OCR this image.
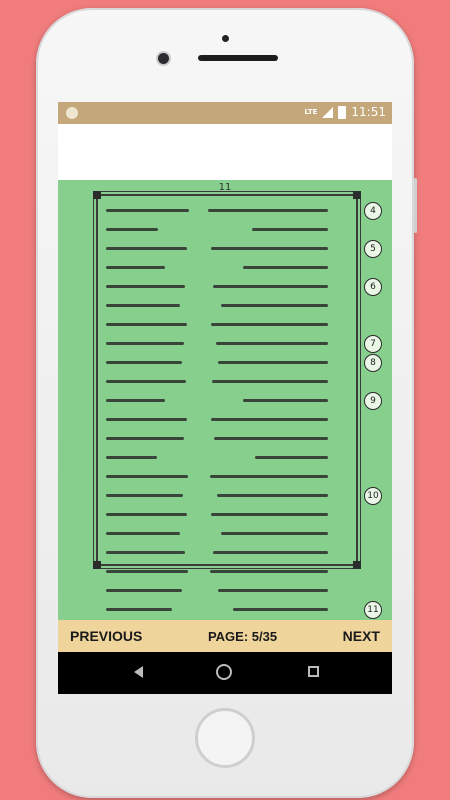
LTE	11:51
11
4
5
6
7
8
9
10
11
PREVIOUS	PAGE: 5/35	NEXT
